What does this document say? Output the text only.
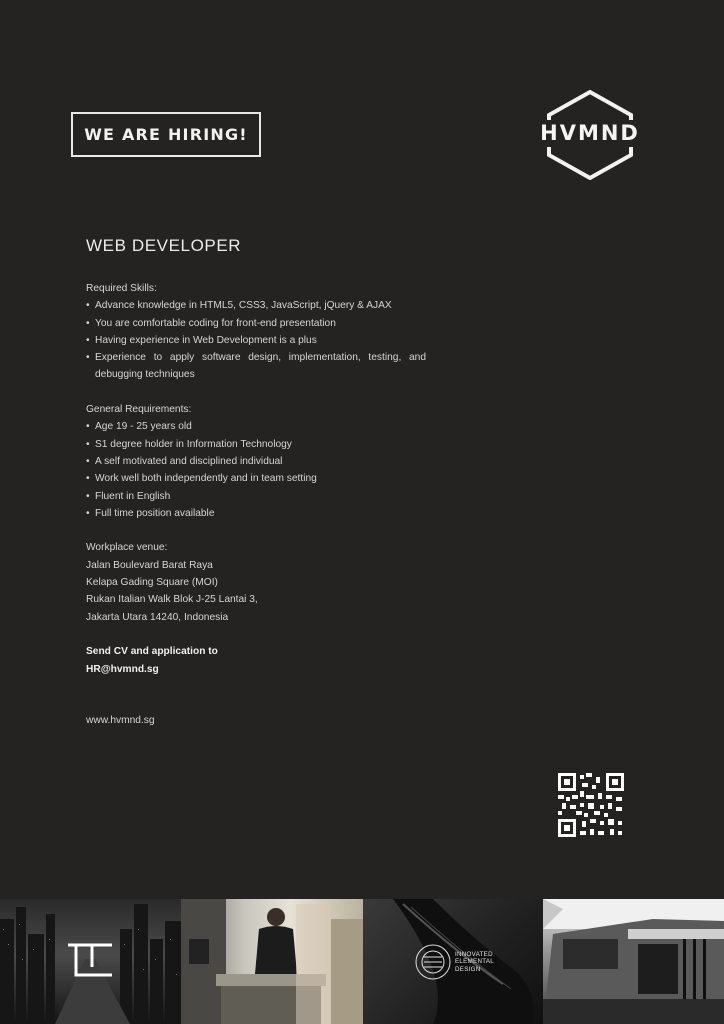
WE ARE HIRING!	HVMND
WEB DEVELOPER

Required Skills:

• Advance knowledge in HTML5, CSS3, JavaScript, jQuery & AJAX
• You are comfortable coding for front-end presentation
• Having experience in Web Development is a plus
• Experience to apply software design, implementation, testing, and debugging techniques

General Requirements:

• Age 19 - 25 years old
• S1 degree holder in Information Technology
• A self motivated and disciplined individual
• Work well both independently and in team setting
• Fluent in English
• Full time position available

Workplace venue:

Jalan Boulevard Barat Raya
Kelapa Gading Square (MOI)
Rukan Italian Walk Blok J-25 Lantai 3,
Jakarta Utara 14240, Indonesia
Send CV and application to
HR@hvmnd.sg
www.hvmnd.sg
INNOVATED
ELEMENTAL
DESIGN
